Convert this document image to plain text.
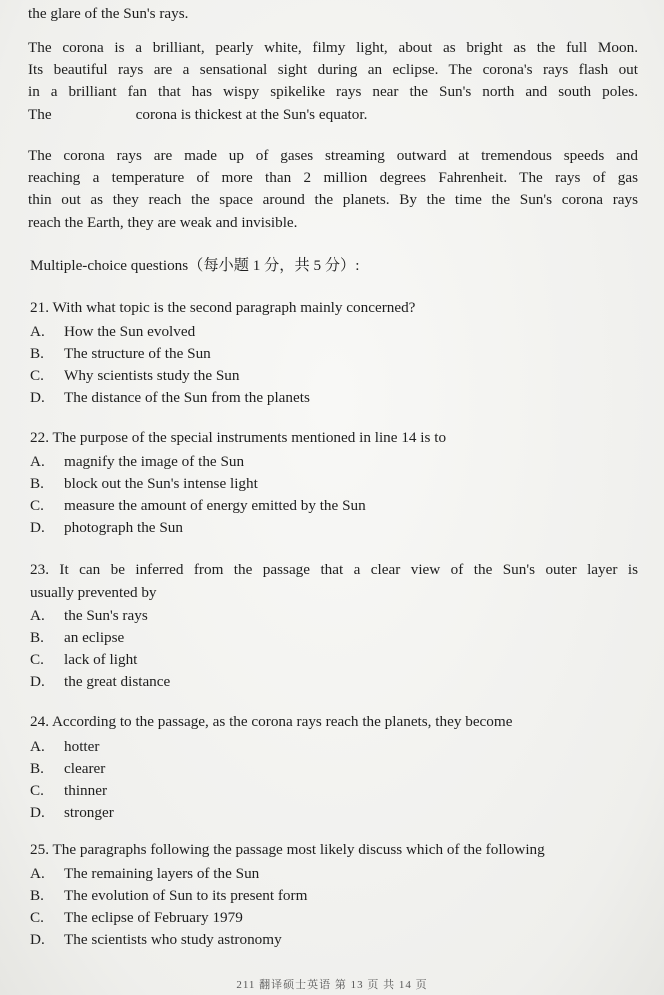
the glare of the Sun's rays.
The corona is a brilliant, pearly white, filmy light, about as bright as the full Moon.
Its beautiful rays are a sensational sight during an eclipse. The corona's rays flash out
in a brilliant fan that has wispy spikelike rays near the Sun's north and south poles.
The	corona is thickest at the Sun's equator.
The corona rays are made up of gases streaming outward at tremendous speeds and
reaching a temperature of more than 2 million degrees Fahrenheit. The rays of gas
thin out as they reach the space around the planets. By the time the Sun's corona rays
reach the Earth, they are weak and invisible.
Multiple-choice questions（每小题 1 分，共 5 分）:
21. With what topic is the second paragraph mainly concerned?
A. How the Sun evolved
B. The structure of the Sun
C. Why scientists study the Sun
D. The distance of the Sun from the planets
22. The purpose of the special instruments mentioned in line 14 is to
A. magnify the image of the Sun
B. block out the Sun's intense light
C. measure the amount of energy emitted by the Sun
D. photograph the Sun
23. It can be inferred from the passage that a clear view of the Sun's outer layer is
usually prevented by
A. the Sun's rays
B. an eclipse
C. lack of light
D. the great distance
24. According to the passage, as the corona rays reach the planets, they become
A. hotter
B. clearer
C. thinner
D. stronger
25. The paragraphs following the passage most likely discuss which of the following
A. The remaining layers of the Sun
B. The evolution of Sun to its present form
C. The eclipse of February 1979
D. The scientists who study astronomy
211 翻译硕士英语 第 13 页 共 14 页
